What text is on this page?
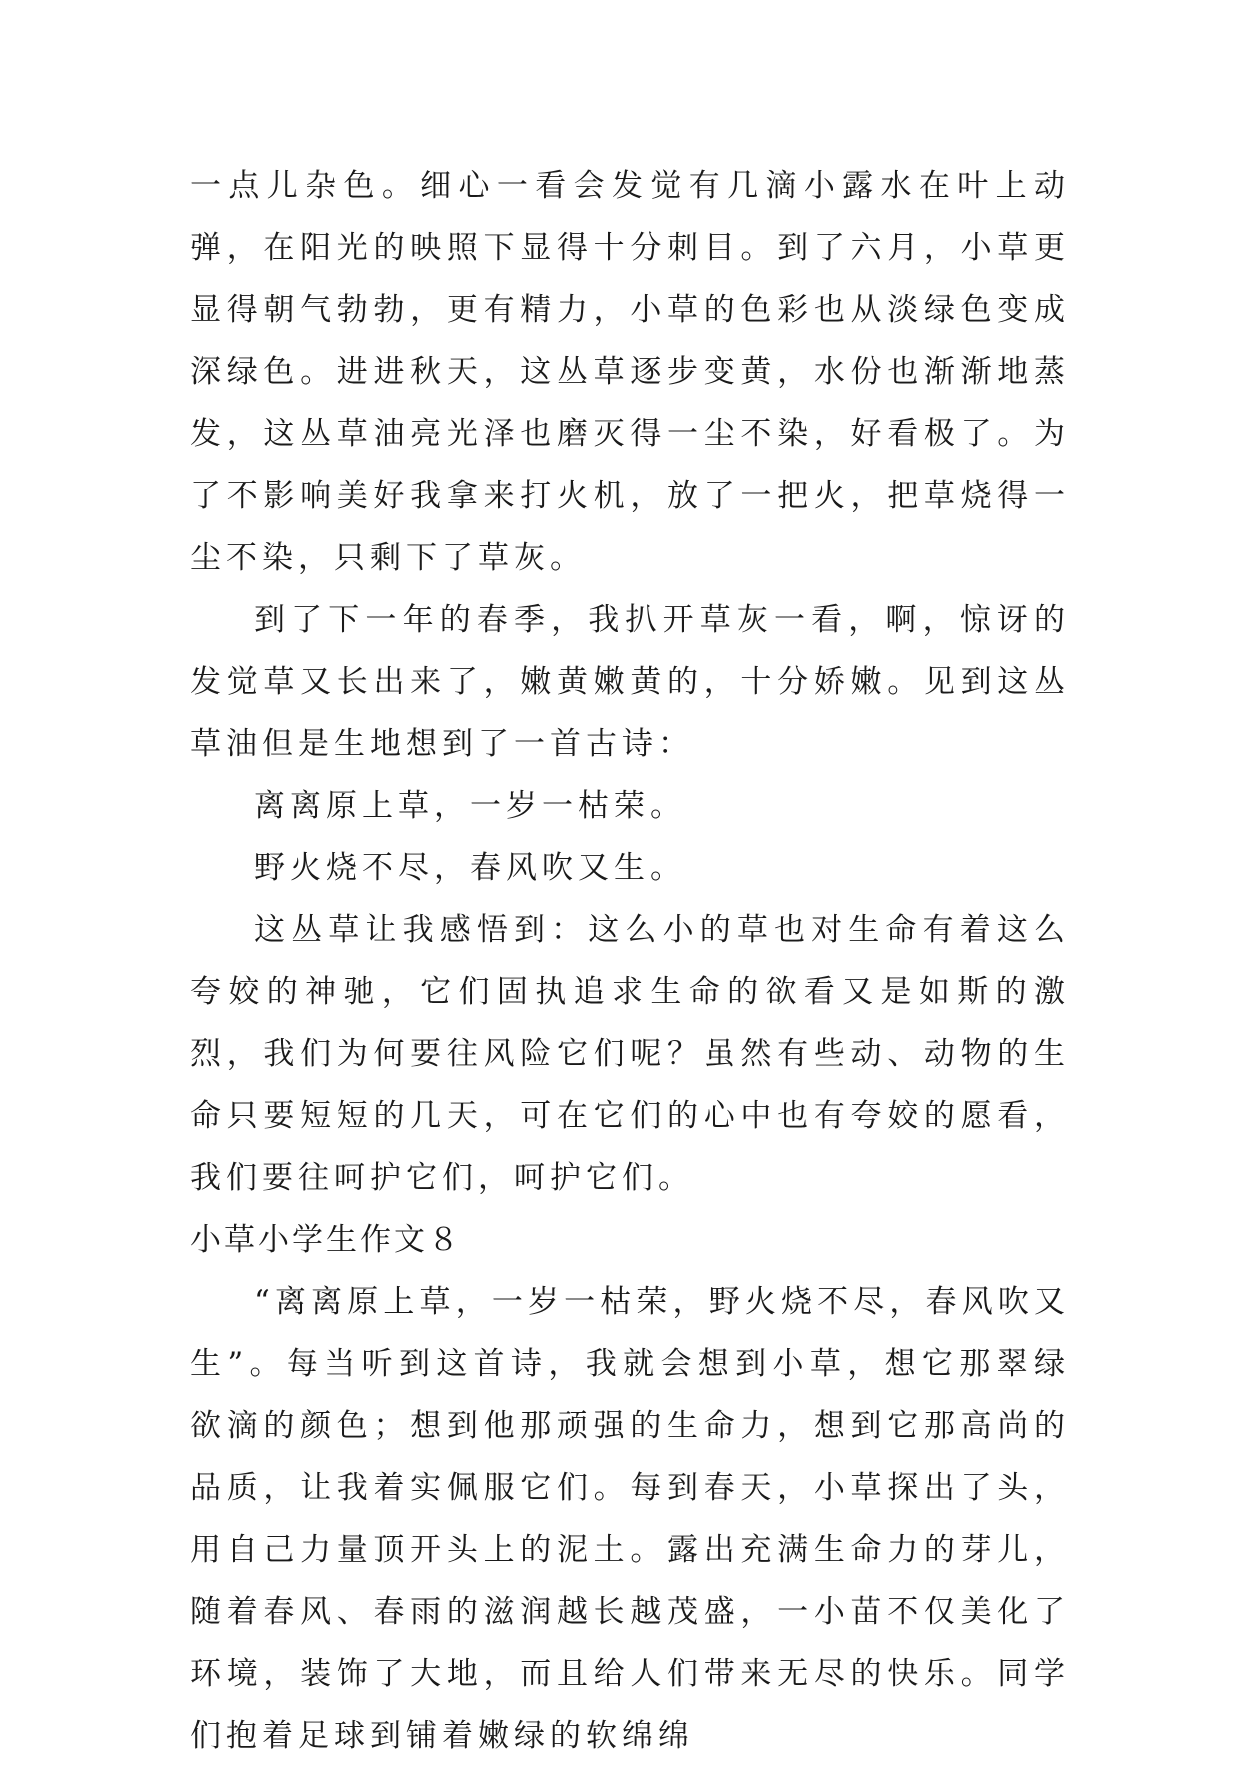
一点儿杂色。细心一看会发觉有几滴小露水在叶上动弹，在阳光的映照下显得十分刺目。到了六月，小草更显得朝气勃勃，更有精力，小草的色彩也从淡绿色变成深绿色。进进秋天，这丛草逐步变黄，水份也渐渐地蒸发，这丛草油亮光泽也磨灭得一尘不染，好看极了。为了不影响美好我拿来打火机，放了一把火，把草烧得一尘不染，只剩下了草灰。

到了下一年的春季，我扒开草灰一看，啊，惊讶的发觉草又长出来了，嫩黄嫩黄的，十分娇嫩。见到这丛草油但是生地想到了一首古诗：

离离原上草，一岁一枯荣。

野火烧不尽，春风吹又生。

这丛草让我感悟到：这么小的草也对生命有着这么夸姣的神驰，它们固执追求生命的欲看又是如斯的激烈，我们为何要往风险它们呢？虽然有些动、动物的生命只要短短的几天，可在它们的心中也有夸姣的愿看，我们要往呵护它们，呵护它们。

小草小学生作文８

“离离原上草，一岁一枯荣，野火烧不尽，春风吹又生”。每当听到这首诗，我就会想到小草，想它那翠绿欲滴的颜色；想到他那顽强的生命力，想到它那高尚的品质，让我着实佩服它们。每到春天，小草探出了头，用自己力量顶开头上的泥土。露出充满生命力的芽儿，随着春风、春雨的滋润越长越茂盛，一小苗不仅美化了环境，装饰了大地，而且给人们带来无尽的快乐。同学们抱着足球到铺着嫩绿的软绵绵
